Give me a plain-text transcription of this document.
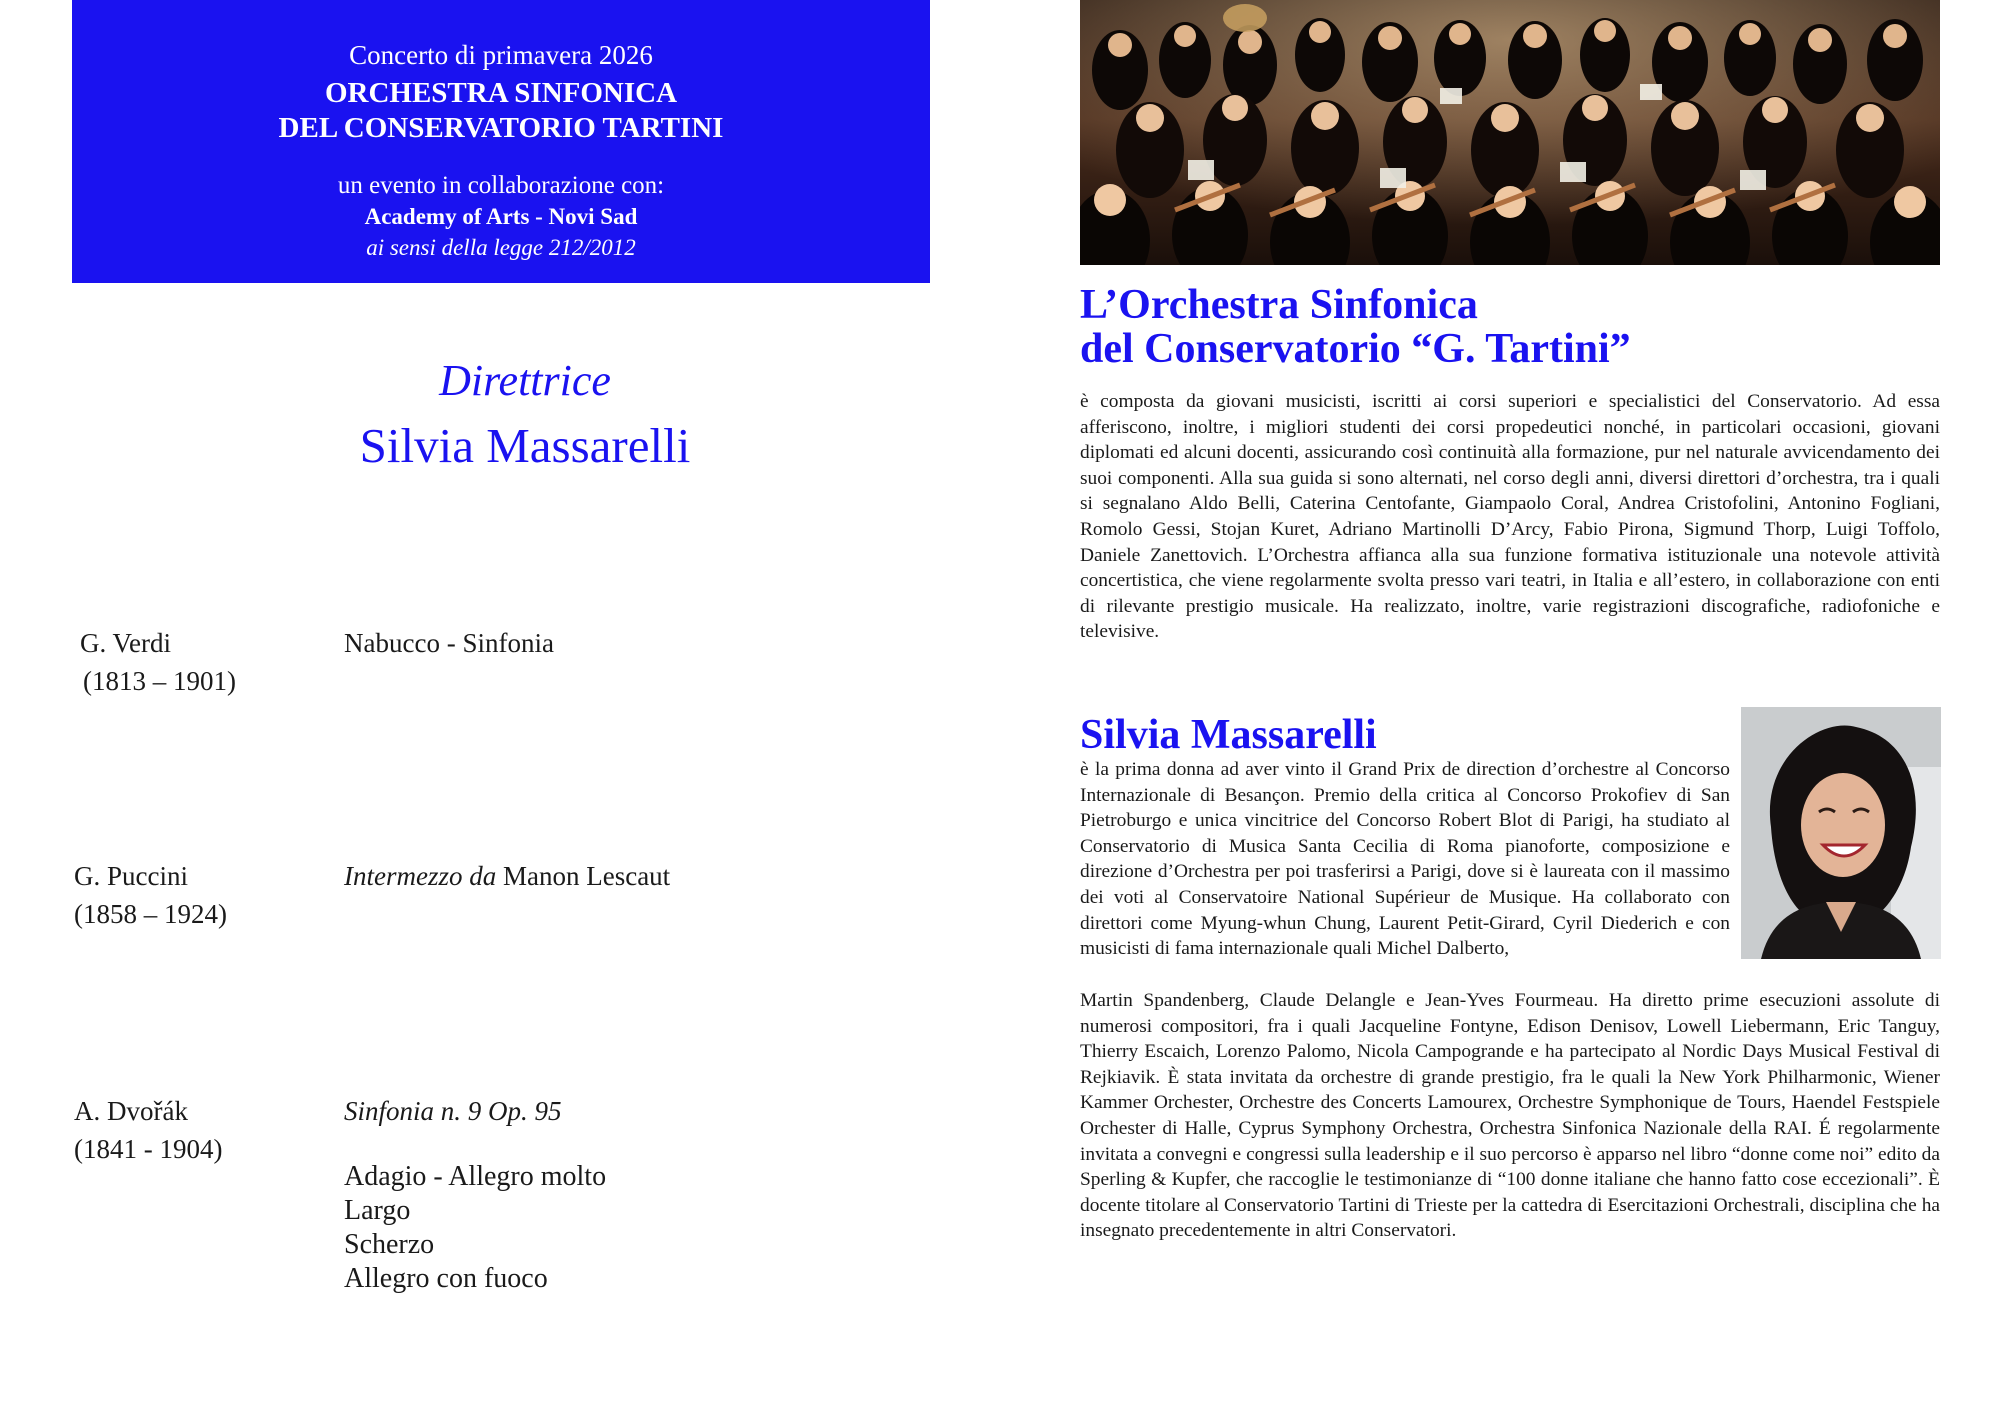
Concerto di primavera 2026
ORCHESTRA SINFONICA
DEL CONSERVATORIO TARTINI
un evento in collaborazione con:
Academy of Arts - Novi Sad
ai sensi della legge 212/2012
Direttrice
Silvia Massarelli
G. Verdi
(1813 – 1901)
Nabucco - Sinfonia
G. Puccini
(1858 – 1924)
Intermezzo da Manon Lescaut
A. Dvořák
(1841 - 1904)
Sinfonia n. 9 Op. 95
Adagio - Allegro molto
Largo
Scherzo
Allegro con fuoco
L’Orchestra Sinfonica
del Conservatorio “G. Tartini”
è composta da giovani musicisti, iscritti ai corsi superiori e specialistici del Conservatorio. Ad essa afferiscono, inoltre, i migliori studenti dei corsi propedeutici nonché, in particolari occasioni, giovani diplomati ed alcuni docenti, assicurando così continuità alla formazione, pur nel naturale avvicendamento dei suoi componenti. Alla sua guida si sono alternati, nel corso degli anni, diversi direttori d’orchestra, tra i quali si segnalano Aldo Belli, Caterina Centofante, Giampaolo Coral, Andrea Cristofolini, Antonino Fogliani, Romolo Gessi, Stojan Kuret, Adriano Martinolli D’Arcy, Fabio Pirona, Sigmund Thorp, Luigi Toffolo, Daniele Zanettovich. L’Orchestra affianca alla sua funzione formativa istituzionale una notevole attività concertistica, che viene regolarmente svolta presso vari teatri, in Italia e all’estero, in collaborazione con enti di rilevante prestigio musicale. Ha realizzato, inoltre, varie registrazioni discografiche, radiofoniche e televisive.
Silvia Massarelli
è la prima donna ad aver vinto il Grand Prix de direction d’orchestre al Concorso Internazionale di Besançon. Premio della critica al Concorso Prokofiev di San Pietroburgo e unica vincitrice del Concorso Robert Blot di Parigi, ha studiato al Conservatorio di Musica Santa Cecilia di Roma pianoforte, composizione e direzione d’Orchestra per poi trasferirsi a Parigi, dove si è laureata con il massimo dei voti al Conservatoire National Supérieur de Musique. Ha collaborato con direttori come Myung-whun Chung, Laurent Petit-Girard, Cyril Diederich e con musicisti di fama internazionale quali Michel Dalberto,
Martin Spandenberg, Claude Delangle e Jean-Yves Fourmeau. Ha diretto prime esecuzioni assolute di numerosi compositori, fra i quali Jacqueline Fontyne, Edison Denisov, Lowell Liebermann, Eric Tanguy, Thierry Escaich, Lorenzo Palomo, Nicola Campogrande e ha partecipato al Nordic Days Musical Festival di Rejkiavik. È stata invitata da orchestre di grande prestigio, fra le quali la New York Philharmonic, Wiener Kammer Orchester, Orchestre des Concerts Lamourex, Orchestre Symphonique de Tours, Haendel Festspiele Orchester di Halle, Cyprus Symphony Orchestra, Orchestra Sinfonica Nazionale della RAI. É regolarmente invitata a convegni e congressi sulla leadership e il suo percorso è apparso nel libro “donne come noi” edito da Sperling & Kupfer, che raccoglie le testimonianze di “100 donne italiane che hanno fatto cose eccezionali”. È docente titolare al Conservatorio Tartini di Trieste per la cattedra di Esercitazioni Orchestrali, disciplina che ha insegnato precedentemente in altri Conservatori.
